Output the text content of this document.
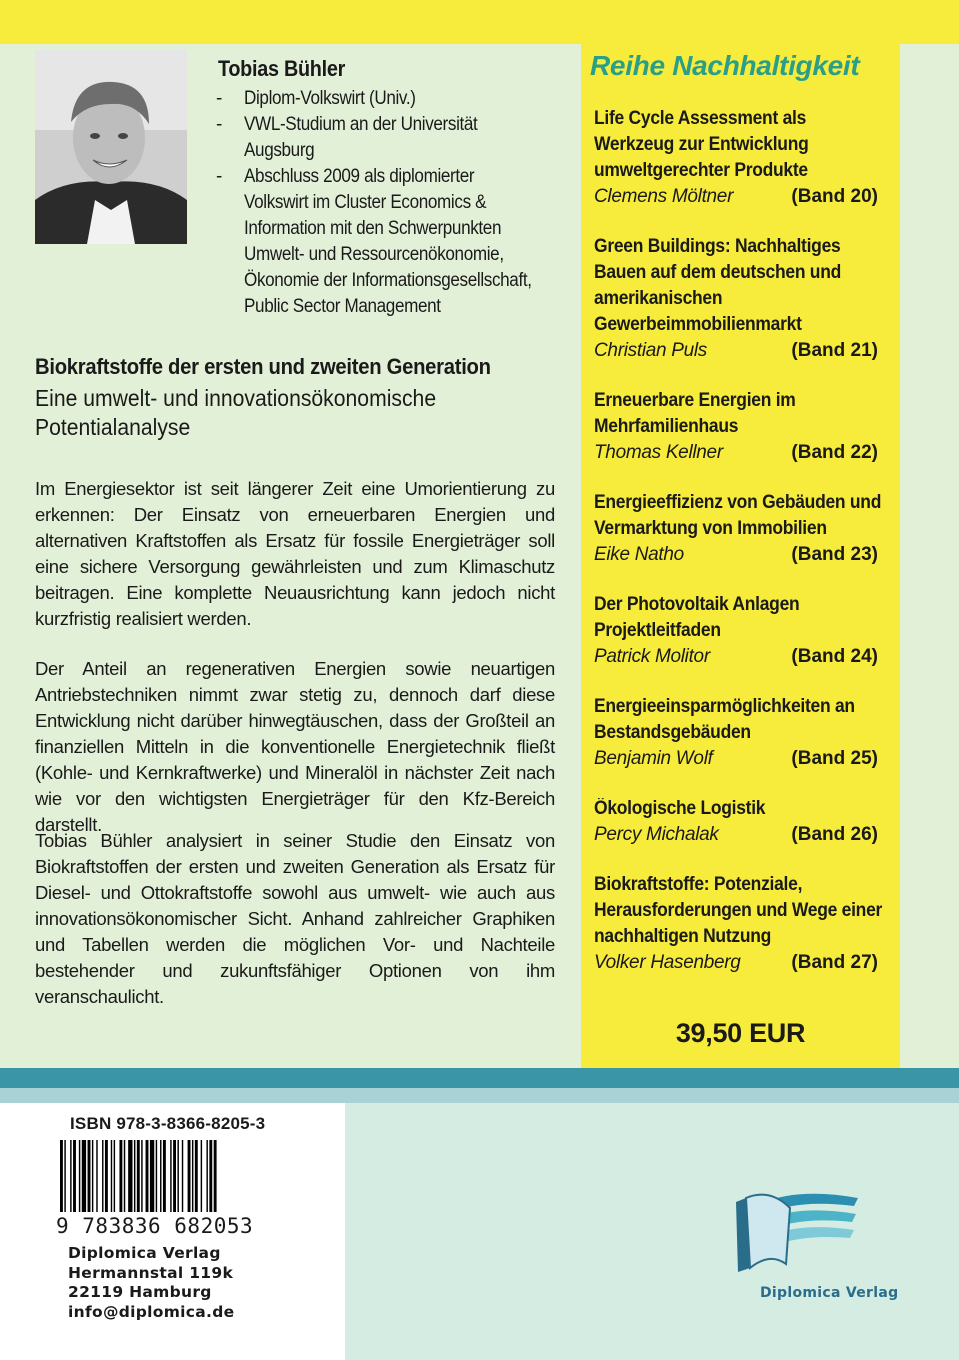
Tobias Bühler
- Diplom-Volkswirt (Univ.)
- VWL-Studium an der Universität Augsburg
- Abschluss 2009 als diplomierter Volkswirt im Cluster Economics & Information mit den Schwerpunkten Umwelt- und Ressourcenökonomie, Ökonomie der Informationsgesellschaft, Public Sector Management
Biokraftstoffe der ersten und zweiten Generation
Eine umwelt- und innovationsökonomische Potentialanalyse

Im Energiesektor ist seit längerer Zeit eine Umorientierung zu erkennen: Der Einsatz von erneuerbaren Energien und alternativen Kraftstoffen als Ersatz für fossile Energieträger soll eine sichere Versorgung gewährleisten und zum Klimaschutz beitragen. Eine komplette Neuausrichtung kann jedoch nicht kurzfristig realisiert werden.

Der Anteil an regenerativen Energien sowie neuartigen Antriebstechniken nimmt zwar stetig zu, dennoch darf diese Entwicklung nicht darüber hinwegtäuschen, dass der Großteil an finanziellen Mitteln in die konventionelle Energietechnik fließt (Kohle- und Kernkraftwerke) und Mineralöl in nächster Zeit nach wie vor den wichtigsten Energieträger für den Kfz-Bereich darstellt.

Tobias Bühler analysiert in seiner Studie den Einsatz von Biokraftstoffen der ersten und zweiten Generation als Ersatz für Diesel- und Ottokraftstoffe sowohl aus umwelt- wie auch aus innovationsökonomischer Sicht. Anhand zahlreicher Graphiken und Tabellen werden die möglichen Vor- und Nachteile bestehender und zukunftsfähiger Optionen von ihm veranschaulicht.

Reihe Nachhaltigkeit
Life Cycle Assessment als Werkzeug zur Entwicklung umweltgerechter Produkte
Clemens Möltner	(Band 20)
Green Buildings: Nachhaltiges Bauen auf dem deutschen und amerikanischen Gewerbeimmobilienmarkt
Christian Puls	(Band 21)
Erneuerbare Energien im Mehrfamilienhaus
Thomas Kellner	(Band 22)
Energieeffizienz von Gebäuden und Vermarktung von Immobilien
Eike Natho	(Band 23)
Der Photovoltaik Anlagen Projektleitfaden
Patrick Molitor	(Band 24)
Energieeinsparmöglichkeiten an Bestandsgebäuden
Benjamin Wolf	(Band 25)
Ökologische Logistik
Percy Michalak	(Band 26)
Biokraftstoffe: Potenziale, Herausforderungen und Wege einer nachhaltigen Nutzung
Volker Hasenberg	(Band 27)
39,50 EUR
ISBN 978-3-8366-8205-3
9 783836 682053
Diplomica Verlag
Hermannstal 119k
22119 Hamburg
info@diplomica.de
Diplomica Verlag
